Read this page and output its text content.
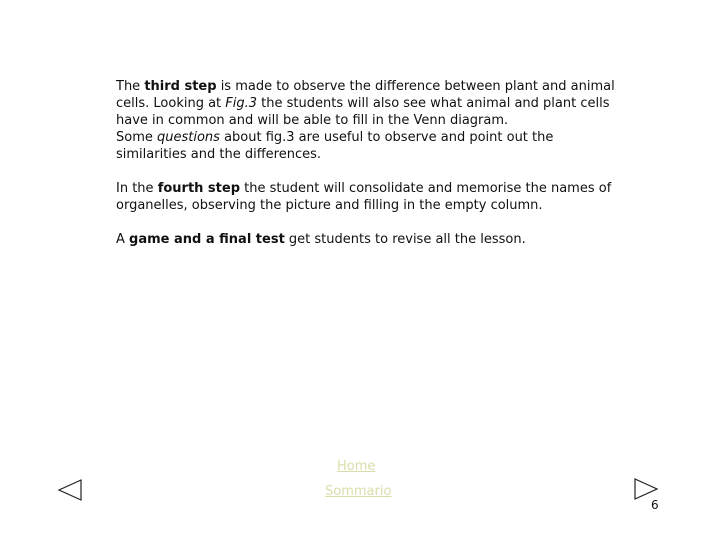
The third step is made to observe the difference between plant and animal cells. Looking at Fig.3 the students will also see what animal and plant cells have in common and will be able to fill in the Venn diagram.

Some questions about fig.3 are useful to observe and point out the similarities and the differences.

In the fourth step the student will consolidate and memorise the names of organelles, observing the picture and filling in the empty column.

A game and a final test get students to revise all the lesson.

Home
Sommario
6
